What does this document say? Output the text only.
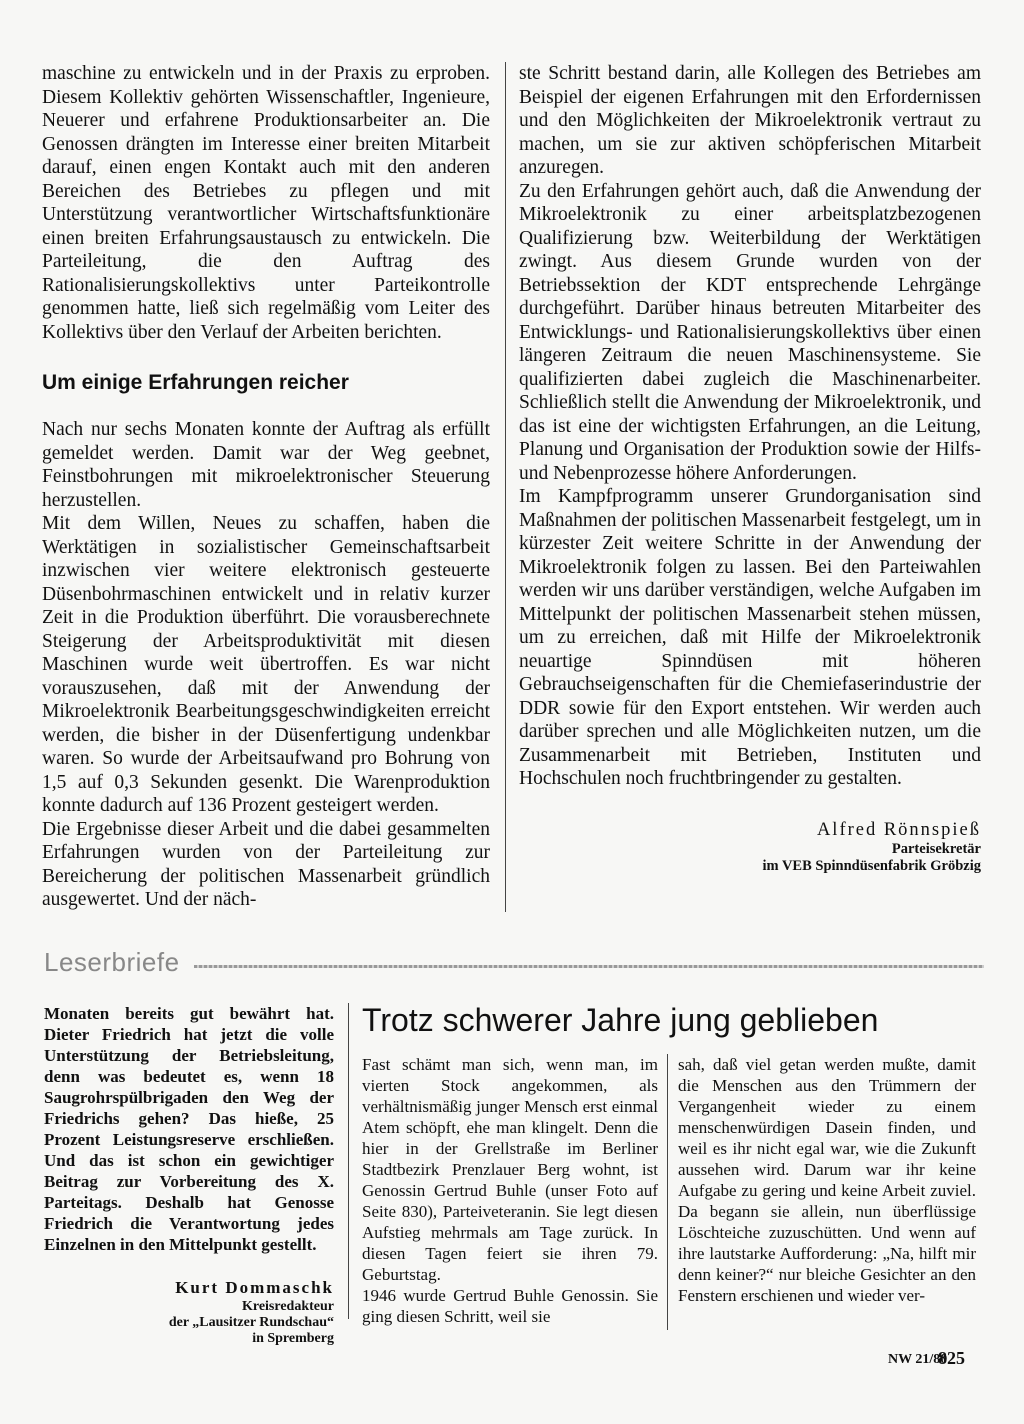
maschine zu entwickeln und in der Praxis zu erproben. Diesem Kollektiv gehörten Wissenschaftler, Ingenieure, Neuerer und erfahrene Produktionsarbeiter an. Die Genossen drängten im Interesse einer breiten Mitarbeit darauf, einen engen Kontakt auch mit den anderen Bereichen des Betriebes zu pflegen und mit Unterstützung verantwortlicher Wirtschaftsfunktionäre einen breiten Erfahrungsaustausch zu entwickeln. Die Parteileitung, die den Auftrag des Rationalisierungskollektivs unter Parteikontrolle genommen hatte, ließ sich regelmäßig vom Leiter des Kollektivs über den Verlauf der Arbeiten berichten.

Um einige Erfahrungen reicher

Nach nur sechs Monaten konnte der Auftrag als erfüllt gemeldet werden. Damit war der Weg geebnet, Feinstbohrungen mit mikroelektronischer Steuerung herzustellen.

Mit dem Willen, Neues zu schaffen, haben die Werktätigen in sozialistischer Gemeinschaftsarbeit inzwischen vier weitere elektronisch gesteuerte Düsenbohrmaschinen entwickelt und in relativ kurzer Zeit in die Produktion überführt. Die vorausberechnete Steigerung der Arbeitsproduktivität mit diesen Maschinen wurde weit übertroffen. Es war nicht vorauszusehen, daß mit der Anwendung der Mikroelektronik Bearbeitungsgeschwindigkeiten erreicht werden, die bisher in der Düsenfertigung undenkbar waren. So wurde der Arbeitsaufwand pro Bohrung von 1,5 auf 0,3 Sekunden gesenkt. Die Warenproduktion konnte dadurch auf 136 Prozent gesteigert werden.

Die Ergebnisse dieser Arbeit und die dabei gesammelten Erfahrungen wurden von der Parteileitung zur Bereicherung der politischen Massenarbeit gründlich ausgewertet. Und der näch-

ste Schritt bestand darin, alle Kollegen des Betriebes am Beispiel der eigenen Erfahrungen mit den Erfordernissen und den Möglichkeiten der Mikroelektronik vertraut zu machen, um sie zur aktiven schöpferischen Mitarbeit anzuregen.

Zu den Erfahrungen gehört auch, daß die Anwendung der Mikroelektronik zu einer arbeitsplatzbezogenen Qualifizierung bzw. Weiterbildung der Werktätigen zwingt. Aus diesem Grunde wurden von der Betriebssektion der KDT entsprechende Lehrgänge durchgeführt. Darüber hinaus betreuten Mitarbeiter des Entwicklungs- und Rationalisierungskollektivs über einen längeren Zeitraum die neuen Maschinensysteme. Sie qualifizierten dabei zugleich die Maschinenarbeiter. Schließlich stellt die Anwendung der Mikroelektronik, und das ist eine der wichtigsten Erfahrungen, an die Leitung, Planung und Organisation der Produktion sowie der Hilfs- und Nebenprozesse höhere Anforderungen.

Im Kampfprogramm unserer Grundorganisation sind Maßnahmen der politischen Massenarbeit festgelegt, um in kürzester Zeit weitere Schritte in der Anwendung der Mikroelektronik folgen zu lassen. Bei den Parteiwahlen werden wir uns darüber verständigen, welche Aufgaben im Mittelpunkt der politischen Massenarbeit stehen müssen, um zu erreichen, daß mit Hilfe der Mikroelektronik neuartige Spinndüsen mit höheren Gebrauchseigenschaften für die Chemiefaserindustrie der DDR sowie für den Export entstehen. Wir werden auch darüber sprechen und alle Möglichkeiten nutzen, um die Zusammenarbeit mit Betrieben, Instituten und Hochschulen noch fruchtbringender zu gestalten.

Alfred Rönnspieß
Parteisekretär
im VEB Spinndüsenfabrik Gröbzig
Leserbriefe

Monaten bereits gut bewährt hat. Dieter Friedrich hat jetzt die volle Unterstützung der Betriebsleitung, denn was bedeutet es, wenn 18 Saugrohrspülbrigaden den Weg der Friedrichs gehen? Das hieße, 25 Prozent Leistungsreserve erschließen. Und das ist schon ein gewichtiger Beitrag zur Vorbereitung des X. Parteitags. Deshalb hat Genosse Friedrich die Verantwortung jedes Einzelnen in den Mittelpunkt gestellt.

Kurt Dommaschk
Kreisredakteur
der „Lausitzer Rundschau“
in Spremberg
Trotz schwerer Jahre jung geblieben

Fast schämt man sich, wenn man, im vierten Stock angekommen, als verhältnismäßig junger Mensch erst einmal Atem schöpft, ehe man klingelt. Denn die hier in der Grellstraße im Berliner Stadtbezirk Prenzlauer Berg wohnt, ist Genossin Gertrud Buhle (unser Foto auf Seite 830), Parteiveteranin. Sie legt diesen Aufstieg mehrmals am Tage zurück. In diesen Tagen feiert sie ihren 79. Geburtstag.

1946 wurde Gertrud Buhle Genossin. Sie ging diesen Schritt, weil sie

sah, daß viel getan werden mußte, damit die Menschen aus den Trümmern der Vergangenheit wieder zu einem menschenwürdigen Dasein finden, und weil es ihr nicht egal war, wie die Zukunft aussehen wird. Darum war ihr keine Aufgabe zu gering und keine Arbeit zuviel. Da begann sie allein, nun überflüssige Löschteiche zuzuschütten. Und wenn auf ihre lautstarke Aufforderung: „Na, hilft mir denn keiner?“ nur bleiche Gesichter an den Fenstern erschienen und wieder ver-

NW 21/80
825
